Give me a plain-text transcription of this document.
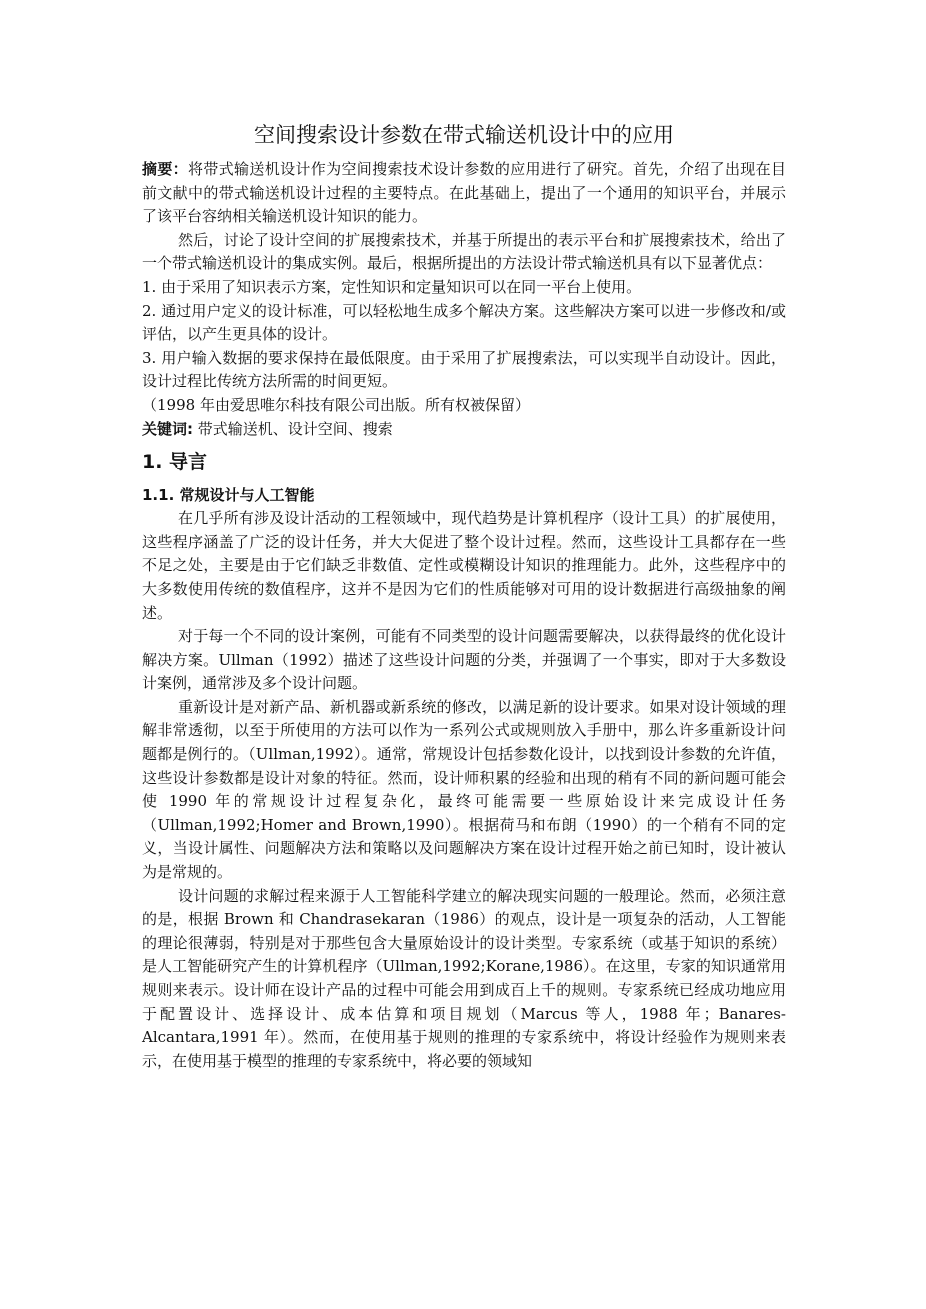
空间搜索设计参数在带式输送机设计中的应用

摘要：将带式输送机设计作为空间搜索技术设计参数的应用进行了研究。首先，介绍了出现在目前文献中的带式输送机设计过程的主要特点。在此基础上，提出了一个通用的知识平台，并展示了该平台容纳相关输送机设计知识的能力。

然后，讨论了设计空间的扩展搜索技术，并基于所提出的表示平台和扩展搜索技术，给出了一个带式输送机设计的集成实例。最后，根据所提出的方法设计带式输送机具有以下显著优点：

1. 由于采用了知识表示方案，定性知识和定量知识可以在同一平台上使用。

2. 通过用户定义的设计标准，可以轻松地生成多个解决方案。这些解决方案可以进一步修改和/或评估，以产生更具体的设计。

3. 用户输入数据的要求保持在最低限度。由于采用了扩展搜索法，可以实现半自动设计。因此，设计过程比传统方法所需的时间更短。

（1998 年由爱思唯尔科技有限公司出版。所有权被保留）

关键词: 带式输送机、设计空间、搜索

1. 导言
1.1. 常规设计与人工智能

在几乎所有涉及设计活动的工程领域中，现代趋势是计算机程序（设计工具）的扩展使用，这些程序涵盖了广泛的设计任务，并大大促进了整个设计过程。然而，这些设计工具都存在一些不足之处，主要是由于它们缺乏非数值、定性或模糊设计知识的推理能力。此外，这些程序中的大多数使用传统的数值程序，这并不是因为它们的性质能够对可用的设计数据进行高级抽象的阐述。

对于每一个不同的设计案例，可能有不同类型的设计问题需要解决，以获得最终的优化设计解决方案。Ullman（1992）描述了这些设计问题的分类，并强调了一个事实，即对于大多数设计案例，通常涉及多个设计问题。

重新设计是对新产品、新机器或新系统的修改，以满足新的设计要求。如果对设计领域的理解非常透彻，以至于所使用的方法可以作为一系列公式或规则放入手册中，那么许多重新设计问题都是例行的。（Ullman,1992）。通常，常规设计包括参数化设计，以找到设计参数的允许值，这些设计参数都是设计对象的特征。然而，设计师积累的经验和出现的稍有不同的新问题可能会使 1990 年的常规设计过程复杂化，最终可能需要一些原始设计来完成设计任务（Ullman,1992;Homer and Brown,1990）。根据荷马和布朗（1990）的一个稍有不同的定义，当设计属性、问题解决方法和策略以及问题解决方案在设计过程开始之前已知时，设计被认为是常规的。

设计问题的求解过程来源于人工智能科学建立的解决现实问题的一般理论。然而，必须注意的是，根据 Brown 和 Chandrasekaran（1986）的观点，设计是一项复杂的活动，人工智能的理论很薄弱，特别是对于那些包含大量原始设计的设计类型。专家系统（或基于知识的系统）是人工智能研究产生的计算机程序（Ullman,1992;Korane,1986）。在这里，专家的知识通常用规则来表示。设计师在设计产品的过程中可能会用到成百上千的规则。专家系统已经成功地应用于配置设计、选择设计、成本估算和项目规划（Marcus 等人，1988 年；Banares-Alcantara,1991 年）。然而，在使用基于规则的推理的专家系统中，将设计经验作为规则来表示，在使用基于模型的推理的专家系统中，将必要的领域知
